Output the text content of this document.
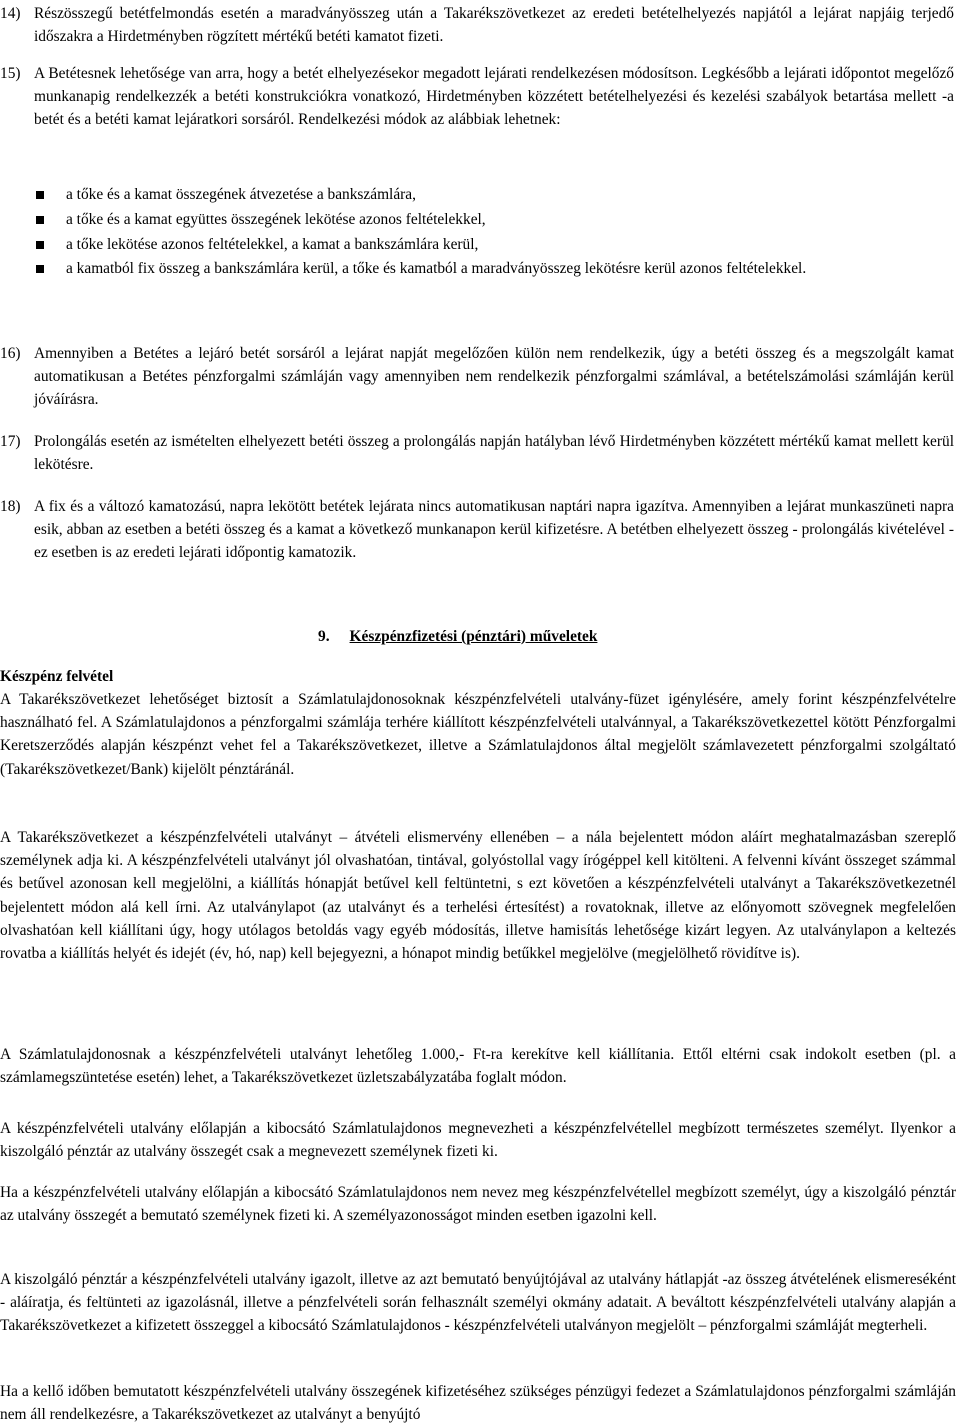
14) Részösszegű betétfelmondás esetén a maradványösszeg után a Takarékszövetkezet az eredeti betételhelyezés napjától a lejárat napjáig terjedő időszakra a Hirdetményben rögzített mértékű betéti kamatot fizeti.
15) A Betétesnek lehetősége van arra, hogy a betét elhelyezésekor megadott lejárati rendelkezésen módosítson. Legkésőbb a lejárati időpontot megelőző munkanapig rendelkezzék a betéti konstrukciókra vonatkozó, Hirdetményben közzétett betételhelyezési és kezelési szabályok betartása mellett -a betét és a betéti kamat lejáratkori sorsáról. Rendelkezési módok az alábbiak lehetnek:
a tőke és a kamat összegének átvezetése a bankszámlára,
a tőke és a kamat együttes összegének lekötése azonos feltételekkel,
a tőke lekötése azonos feltételekkel, a kamat a bankszámlára kerül,
a kamatból fix összeg a bankszámlára kerül, a tőke és kamatból a maradványösszeg lekötésre kerül azonos feltételekkel.
16) Amennyiben a Betétes a lejáró betét sorsáról a lejárat napját megelőzően külön nem rendelkezik, úgy a betéti összeg és a megszolgált kamat automatikusan a Betétes pénzforgalmi számláján vagy amennyiben nem rendelkezik pénzforgalmi számlával, a betételszámolási számláján kerül jóváírásra.
17) Prolongálás esetén az ismételten elhelyezett betéti összeg a prolongálás napján hatályban lévő Hirdetményben közzétett mértékű kamat mellett kerül lekötésre.
18) A fix és a változó kamatozású, napra lekötött betétek lejárata nincs automatikusan naptári napra igazítva. Amennyiben a lejárat munkaszüneti napra esik, abban az esetben a betéti összeg és a kamat a következő munkanapon kerül kifizetésre. A betétben elhelyezett összeg - prolongálás kivételével - ez esetben is az eredeti lejárati időpontig kamatozik.
9. Készpénzfizetési (pénztári) műveletek
Készpénz felvétel
A Takarékszövetkezet lehetőséget biztosít a Számlatulajdonosoknak készpénzfelvételi utalvány-füzet igénylésére, amely forint készpénzfelvételre használható fel. A Számlatulajdonos a pénzforgalmi számlája terhére kiállított készpénzfelvételi utalvánnyal, a Takarékszövetkezettel kötött Pénzforgalmi Keretszerződés alapján készpénzt vehet fel a Takarékszövetkezet, illetve a Számlatulajdonos által megjelölt számlavezetett pénzforgalmi szolgáltató (Takarékszövetkezet/Bank) kijelölt pénztáránál.
A Takarékszövetkezet a készpénzfelvételi utalványt – átvételi elismervény ellenében – a nála bejelentett módon aláírt meghatalmazásban szereplő személynek adja ki. A készpénzfelvételi utalványt jól olvashatóan, tintával, golyóstollal vagy írógéppel kell kitölteni. A felvenni kívánt összeget számmal és betűvel azonosan kell megjelölni, a kiállítás hónapját betűvel kell feltüntetni, s ezt követően a készpénzfelvételi utalványt a Takarékszövetkezetnél bejelentett módon alá kell írni. Az utalványlapot (az utalványt és a terhelési értesítést) a rovatoknak, illetve az előnyomott szövegnek megfelelően olvashatóan kell kiállítani úgy, hogy utólagos betoldás vagy egyéb módosítás, illetve hamisítás lehetősége kizárt legyen. Az utalványlapon a keltezés rovatba a kiállítás helyét és idejét (év, hó, nap) kell bejegyezni, a hónapot mindig betűkkel megjelölve (megjelölhető rövidítve is).
A Számlatulajdonosnak a készpénzfelvételi utalványt lehetőleg 1.000,- Ft-ra kerekítve kell kiállítania. Ettől eltérni csak indokolt esetben (pl. a számlamegszüntetése esetén) lehet, a Takarékszövetkezet üzletszabályzatába foglalt módon.
A készpénzfelvételi utalvány előlapján a kibocsátó Számlatulajdonos megnevezheti a készpénzfelvétellel megbízott természetes személyt. Ilyenkor a kiszolgáló pénztár az utalvány összegét csak a megnevezett személynek fizeti ki.
Ha a készpénzfelvételi utalvány előlapján a kibocsátó Számlatulajdonos nem nevez meg készpénzfelvétellel megbízott személyt, úgy a kiszolgáló pénztár az utalvány összegét a bemutató személynek fizeti ki. A személyazonosságot minden esetben igazolni kell.
A kiszolgáló pénztár a készpénzfelvételi utalvány igazolt, illetve az azt bemutató benyújtójával az utalvány hátlapját -az összeg átvételének elismereséként - aláíratja, és feltünteti az igazolásnál, illetve a pénzfelvételi során felhasznált személyi okmány adatait. A beváltott készpénzfelvételi utalvány alapján a Takarékszövetkezet a kifizetett összeggel a kibocsátó Számlatulajdonos - készpénzfelvételi utalványon megjelölt – pénzforgalmi számláját megterheli.
Ha a kellő időben bemutatott készpénzfelvételi utalvány összegének kifizetéséhez szükséges pénzügyi fedezet a Számlatulajdonos pénzforgalmi számláján nem áll rendelkezésre, a Takarékszövetkezet az utalványt a benyújtó
